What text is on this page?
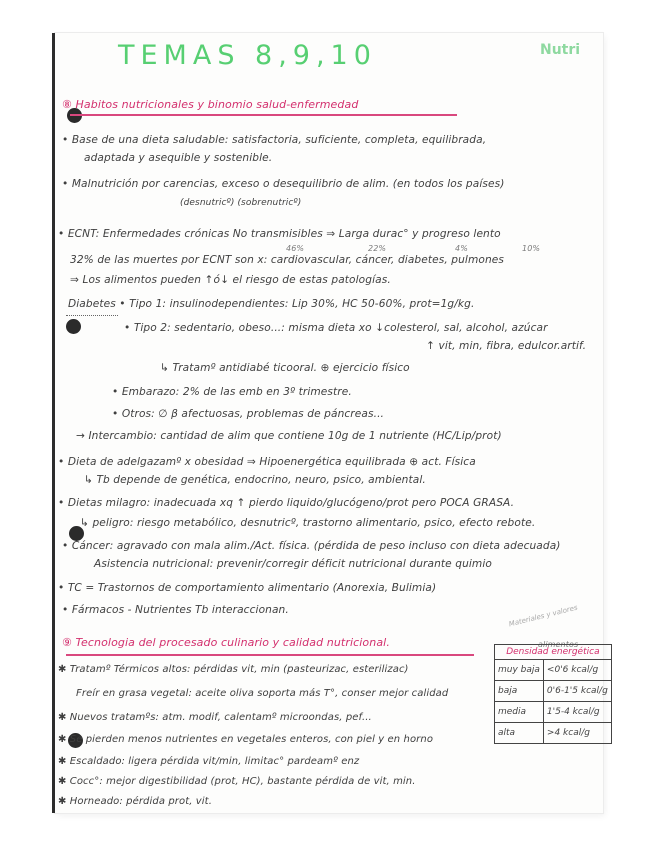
TEMAS 8,9,10	Nutri
⑧ Habitos nutricionales y binomio salud-enfermedad
• Base de una dieta saludable: satisfactoria, suficiente, completa, equilibrada,
adaptada y asequible y sostenible.
• Malnutrición por carencias, exceso o desequilibrio de alim. (en todos los países)
(desnutricº) (sobrenutricº)
• ECNT: Enfermedades crónicas No transmisibles ⇒ Larga durac° y progreso lento
46%	22%	4%	10%
32% de las muertes por ECNT son x: cardiovascular, cáncer, diabetes, pulmones
⇒ Los alimentos pueden ↑ó↓ el riesgo de estas patologías.
Diabetes • Tipo 1: insulinodependientes: Lip 30%, HC 50-60%, prot=1g/kg.
• Tipo 2: sedentario, obeso...: misma dieta xo ↓colesterol, sal, alcohol, azúcar
↑ vit, min, fibra, edulcor.artif.
↳ Tratamº antidiabé ticooral. ⊕ ejercicio físico
• Embarazo: 2% de las emb en 3º trimestre.
• Otros: ∅ β afectuosas, problemas de páncreas...
→ Intercambio: cantidad de alim que contiene 10g de 1 nutriente (HC/Lip/prot)
• Dieta de adelgazamº x obesidad ⇒ Hipoenergética equilibrada ⊕ act. Física
↳ Tb depende de genética, endocrino, neuro, psico, ambiental.
• Dietas milagro: inadecuada xq ↑ pierdo liquido/glucógeno/prot pero POCA GRASA.
↳ peligro: riesgo metabólico, desnutricº, trastorno alimentario, psico, efecto rebote.
• Cáncer: agravado con mala alim./Act. física. (pérdida de peso incluso con dieta adecuada)
Asistencia nutricional: prevenir/corregir déficit nutricional durante quimio
• TC = Trastornos de comportamiento alimentario (Anorexia, Bulimia)
• Fármacos - Nutrientes Tb interaccionan.
⑨ Tecnologia del procesado culinario y calidad nutricional.
Materiales y valores
alimentos
Densidad energética	
muy baja	<0'6 kcal/g
baja	0'6-1'5 kcal/g
media	1'5-4 kcal/g
alta	>4 kcal/g
✱ Tratamº Térmicos altos: pérdidas vit, min (pasteurizac, esterilizac)
Freír en grasa vegetal: aceite oliva soporta más T°, conser mejor calidad
✱ Nuevos tratamºs: atm. modif, calentamº microondas, pef...
✱ Se pierden menos nutrientes en vegetales enteros, con piel y en horno
✱ Escaldado: ligera pérdida vit/min, limitac° pardeamº enz
✱ Cocc°: mejor digestibilidad (prot, HC), bastante pérdida de vit, min.
✱ Horneado: pérdida prot, vit.
